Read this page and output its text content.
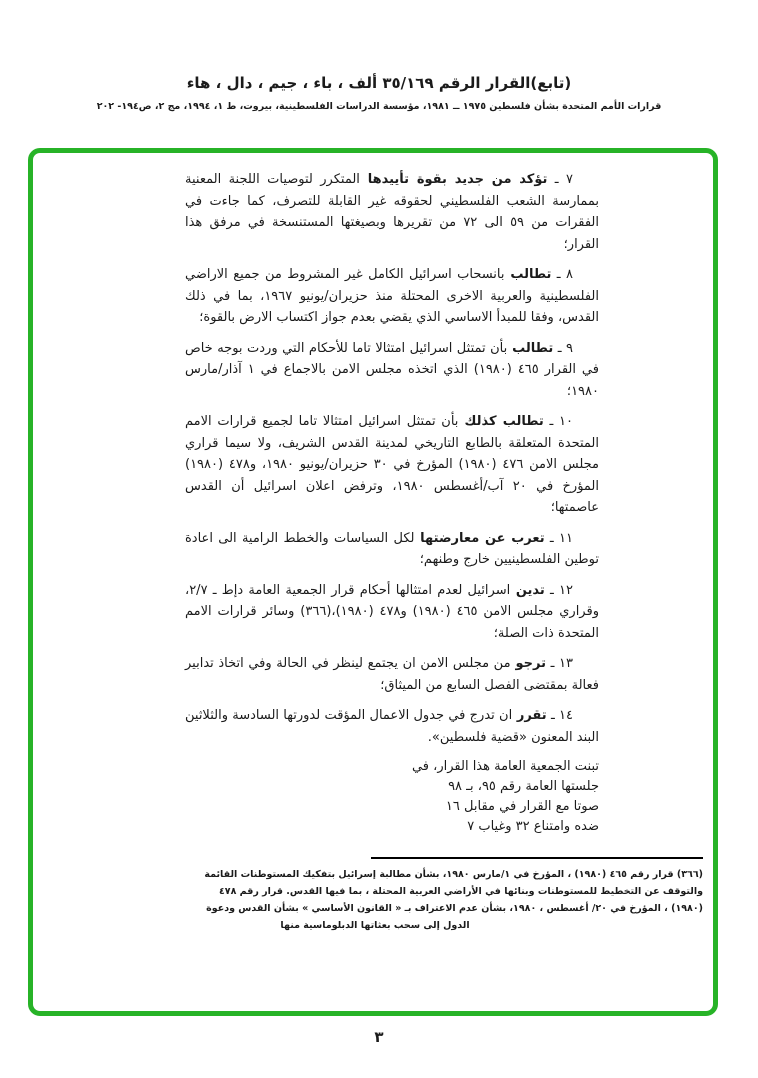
(تابع)القرار الرقم ٣٥/١٦٩ ألف ، باء ، جيم ، دال ، هاء
قرارات الأمم المتحدة بشأن فلسطين ١٩٧٥ ــ ١٩٨١، مؤسسة الدراسات الفلسطينية، بيروت، ط ١، ١٩٩٤، مج ٢، ص١٩٤- ٢٠٢

٧ ـ تؤكد من جديد بقوة تأييدها المتكرر لتوصيات اللجنة المعنية بممارسة الشعب الفلسطيني لحقوقه غير القابلة للتصرف، كما جاءت في الفقرات من ٥٩ الى ٧٢ من تقريرها وبصيغتها المستنسخة في مرفق هذا القرار؛

٨ ـ تطالب بانسحاب اسرائيل الكامل غير المشروط من جميع الاراضي الفلسطينية والعربية الاخرى المحتلة منذ حزيران/يونيو ١٩٦٧، بما في ذلك القدس، وفقا للمبدأ الاساسي الذي يقضي بعدم جواز اكتساب الارض بالقوة؛

٩ ـ تطالب بأن تمتثل اسرائيل امتثالا تاما للأحكام التي وردت بوجه خاص في القرار ٤٦٥ (١٩٨٠) الذي اتخذه مجلس الامن بالاجماع في ١ آذار/مارس ١٩٨٠؛

١٠ ـ تطالب كذلك بأن تمتثل اسرائيل امتثالا تاما لجميع قرارات الامم المتحدة المتعلقة بالطابع التاريخي لمدينة القدس الشريف، ولا سيما قراري مجلس الامن ٤٧٦ (١٩٨٠) المؤرخ في ٣٠ حزيران/يونيو ١٩٨٠، و٤٧٨ (١٩٨٠) المؤرخ في ٢٠ آب/أغسطس ١٩٨٠، وترفض اعلان اسرائيل أن القدس عاصمتها؛

١١ ـ تعرب عن معارضتها لكل السياسات والخطط الرامية الى اعادة توطين الفلسطينيين خارج وطنهم؛

١٢ ـ تدين اسرائيل لعدم امتثالها أحكام قرار الجمعية العامة دإط ـ ٢/٧، وقراري مجلس الامن ٤٦٥ (١٩٨٠) و٤٧٨ (١٩٨٠)،(٣٦٦) وسائر قرارات الامم المتحدة ذات الصلة؛

١٣ ـ ترجو من مجلس الامن ان يجتمع لينظر في الحالة وفي اتخاذ تدابير فعالة بمقتضى الفصل السابع من الميثاق؛

١٤ ـ تقرر ان تدرج في جدول الاعمال المؤقت لدورتها السادسة والثلاثين البند المعنون «قضية فلسطين».

تبنت الجمعية العامة هذا القرار، في
جلستها العامة رقم ٩٥، بـ ٩٨
صوتا مع القرار في مقابل ١٦
ضده وامتناع ٣٢ وغياب ٧
(٣٦٦) قرار رقم ٤٦٥ (١٩٨٠) ، المؤرخ في ١/مارس ١٩٨٠، بشأن مطالبة إسرائيل بتفكيك المستوطنات القائمة
والتوقف عن التخطيط للمستوطنات وبنائها في الأراضي العربية المحتلة ، بما فيها القدس. قرار رقم ٤٧٨
(١٩٨٠) ، المؤرخ في ٢٠/ أغسطس ، ١٩٨٠، بشأن عدم الاعتراف بـ « القانون الأساسي » بشأن القدس ودعوة
الدول إلى سحب بعثاتها الدبلوماسية منها
٣
